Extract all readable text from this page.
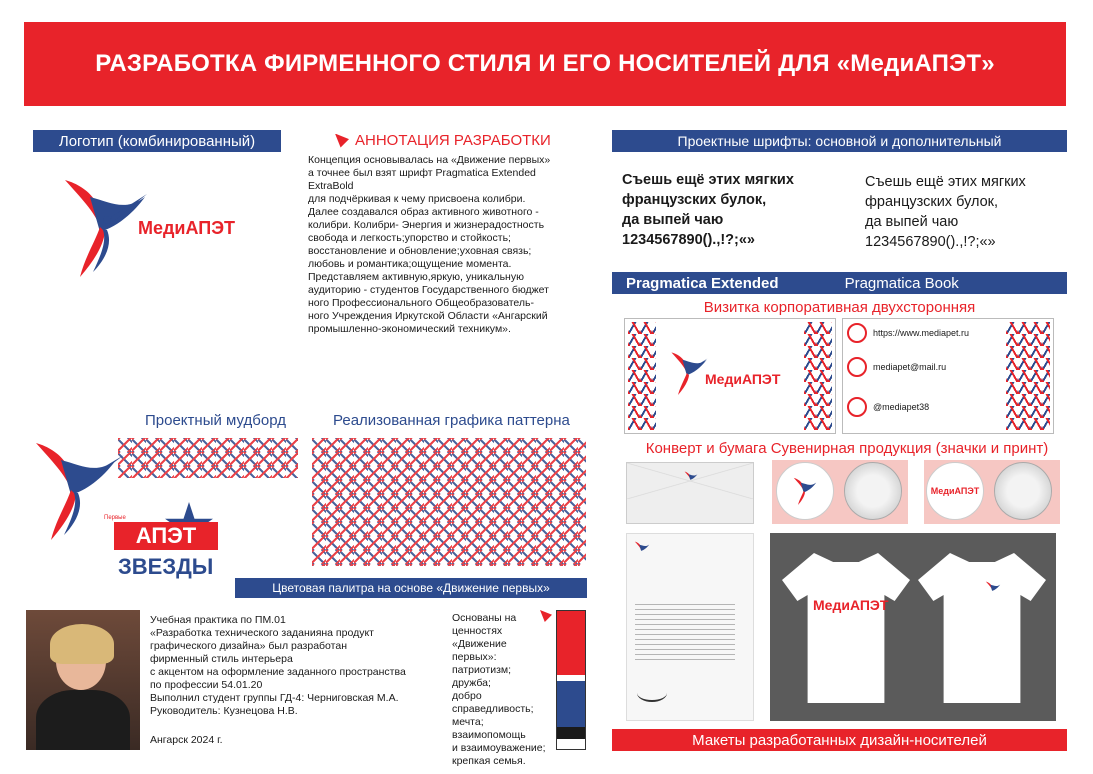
РАЗРАБОТКА ФИРМЕННОГО СТИЛЯ И ЕГО НОСИТЕЛЕЙ ДЛЯ «МедиАПЭТ»
Логотип (комбинированный)
МедиАПЭТ
АННОТАЦИЯ РАЗРАБОТКИ
Концепция основывалась на «Движение первых»
а точнее был взят шрифт Pragmatica Extended
ExtraBold
для подчёркивая к чему присвоена колибри.
Далее создавался образ активного животного -
колибри. Колибри- Энергия и жизнерадостность
свобода и легкость;упорство и стойкость;
восстановление и обновление;уховная связь;
любовь и романтика;ощущение момента.
Представляем активную,яркую, уникальную
аудиторию - студентов Государственного бюджет
ного Профессионального Общеобразователь-
ного Учреждения Иркутской Области «Ангарский
промышленно-экономический техникум».
Проектные шрифты: основной и дополнительный
Съешь ещё этих мягких
французских булок,
да выпей чаю
1234567890().,!?;«»
Съешь ещё этих мягких
французских булок,
да выпей чаю
1234567890().,!?;«»
Pragmatica Extended	Pragmatica Book
Визитка корпоративная двухсторонняя
МедиАПЭТ
https://www.mediapet.ru
mediapet@mail.ru
@mediapet38
Конверт и бумага Сувенирная продукция (значки и принт)
МедиАПЭТ
МедиАПЭТ
Проектный мудборд	Реализованная графика паттерна
АПЭТ
Первые
ЗВЕЗДЫ
Цветовая палитра на основе «Движение первых»
Учебная практика по ПМ.01
«Разработка технического заданияна продукт
графического дизайна» был разработан
фирменный стиль интерьера
с акцентом на оформление заданного пространства
по профессии 54.01.20
Выполнил студент группы ГД-4: Черниговская М.А.
Руководитель: Кузнецова Н.В.
Ангарск 2024 г.
Основаны на
ценностях
«Движение первых»:
патриотизм;
дружба;
добро
справедливость;
мечта;
взаимопомощь
и взаимоуважение;
крепкая семья.
Макеты разработанных дизайн-носителей
